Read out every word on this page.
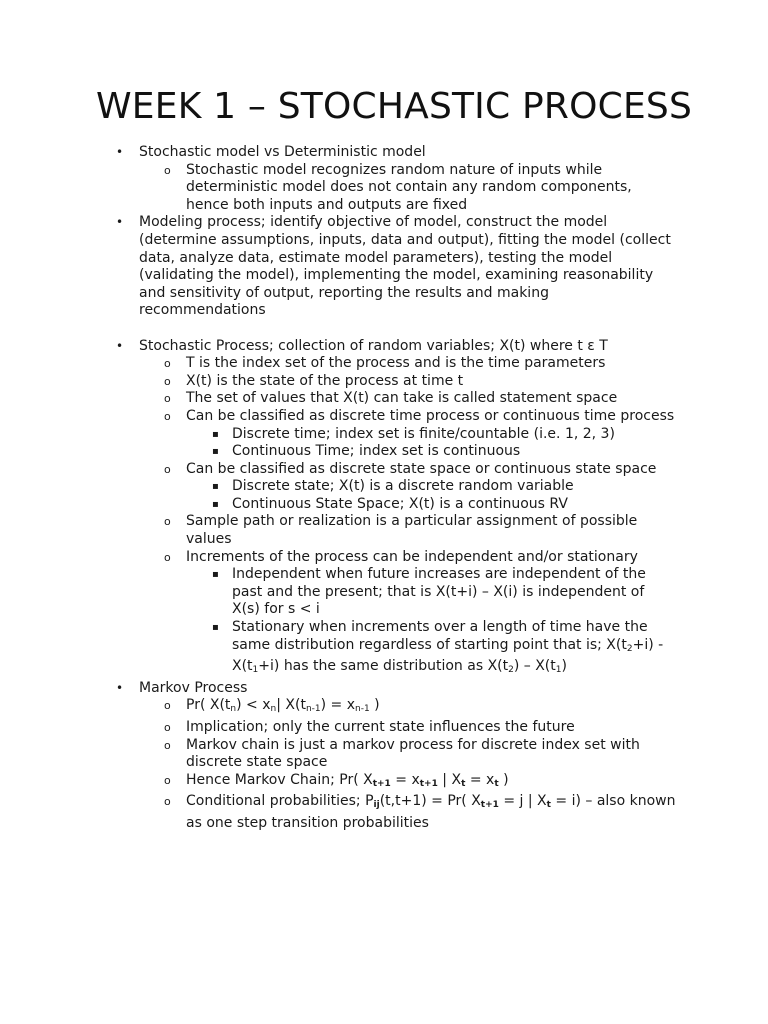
WEEK 1 – STOCHASTIC PROCESS
• Stochastic model vs Deterministic model
o Stochastic model recognizes random nature of inputs while deterministic model does not contain any random components, hence both inputs and outputs are fixed
• Modeling process; identify objective of model, construct the model (determine assumptions, inputs, data and output), fitting the model (collect data, analyze data, estimate model parameters), testing the model (validating the model), implementing the model, examining reasonability and sensitivity of output, reporting the results and making recommendations
• Stochastic Process; collection of random variables; X(t) where t ε T
o T is the index set of the process and is the time parameters
o X(t) is the state of the process at time t
o The set of values that X(t) can take is called statement space
o Can be classified as discrete time process or continuous time process
▪ Discrete time; index set is finite/countable (i.e. 1, 2, 3)
▪ Continuous Time; index set is continuous
o Can be classified as discrete state space or continuous state space
▪ Discrete state; X(t) is a discrete random variable
▪ Continuous State Space; X(t) is a continuous RV
o Sample path or realization is a particular assignment of possible values
o Increments of the process can be independent and/or stationary
▪ Independent when future increases are independent of the past and the present; that is X(t+i) – X(i) is independent of X(s) for s < i
▪ Stationary when increments over a length of time have the same distribution regardless of starting point that is; $X(t_2+i) - X(t_1+i)$ has the same distribution as $X(t_2) - X(t_1)$
• Markov Process
o Pr( $X(t_n) < x_n|$ $X(t_{n-1}) = x_{n-1}$ )
o Implication; only the current state influences the future
o Markov chain is just a markov process for discrete index set with discrete state space
o Hence Markov Chain; Pr( $X_{t+1} = x_{t+1}$ | $X_t = x_t$ )
o Conditional probabilities; $P_{ij}(t,t+1) = Pr$( $X_{t+1} = j$ | $X_t = i$) – also known as one step transition probabilities
